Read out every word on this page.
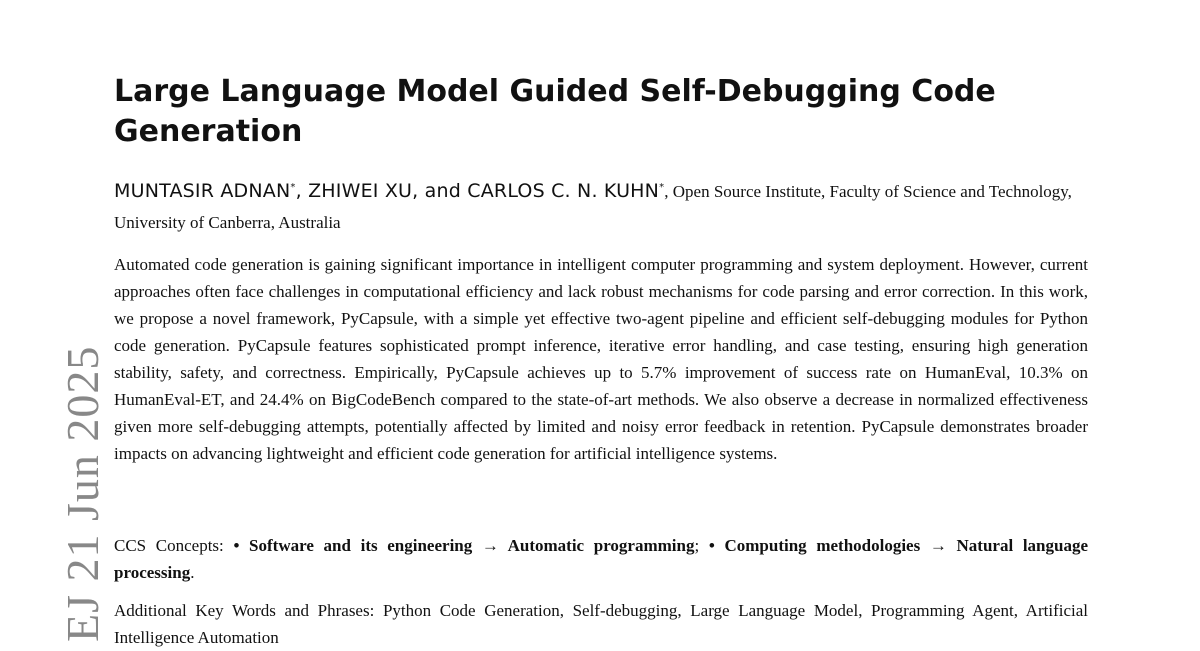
EJ 21 Jun 2025
Large Language Model Guided Self-Debugging Code Generation

MUNTASIR ADNAN*, ZHIWEI XU, and CARLOS C. N. KUHN*, Open Source Institute, Faculty of Science and Technology, University of Canberra, Australia

Automated code generation is gaining significant importance in intelligent computer programming and system deployment. However, current approaches often face challenges in computational efficiency and lack robust mechanisms for code parsing and error correction. In this work, we propose a novel framework, PyCapsule, with a simple yet effective two-agent pipeline and efficient self-debugging modules for Python code generation. PyCapsule features sophisticated prompt inference, iterative error handling, and case testing, ensuring high generation stability, safety, and correctness. Empirically, PyCapsule achieves up to 5.7% improvement of success rate on HumanEval, 10.3% on HumanEval-ET, and 24.4% on BigCodeBench compared to the state-of-art methods. We also observe a decrease in normalized effectiveness given more self-debugging attempts, potentially affected by limited and noisy error feedback in retention. PyCapsule demonstrates broader impacts on advancing lightweight and efficient code generation for artificial intelligence systems.

CCS Concepts: • Software and its engineering → Automatic programming; • Computing methodologies → Natural language processing.

Additional Key Words and Phrases: Python Code Generation, Self-debugging, Large Language Model, Programming Agent, Artificial Intelligence Automation
